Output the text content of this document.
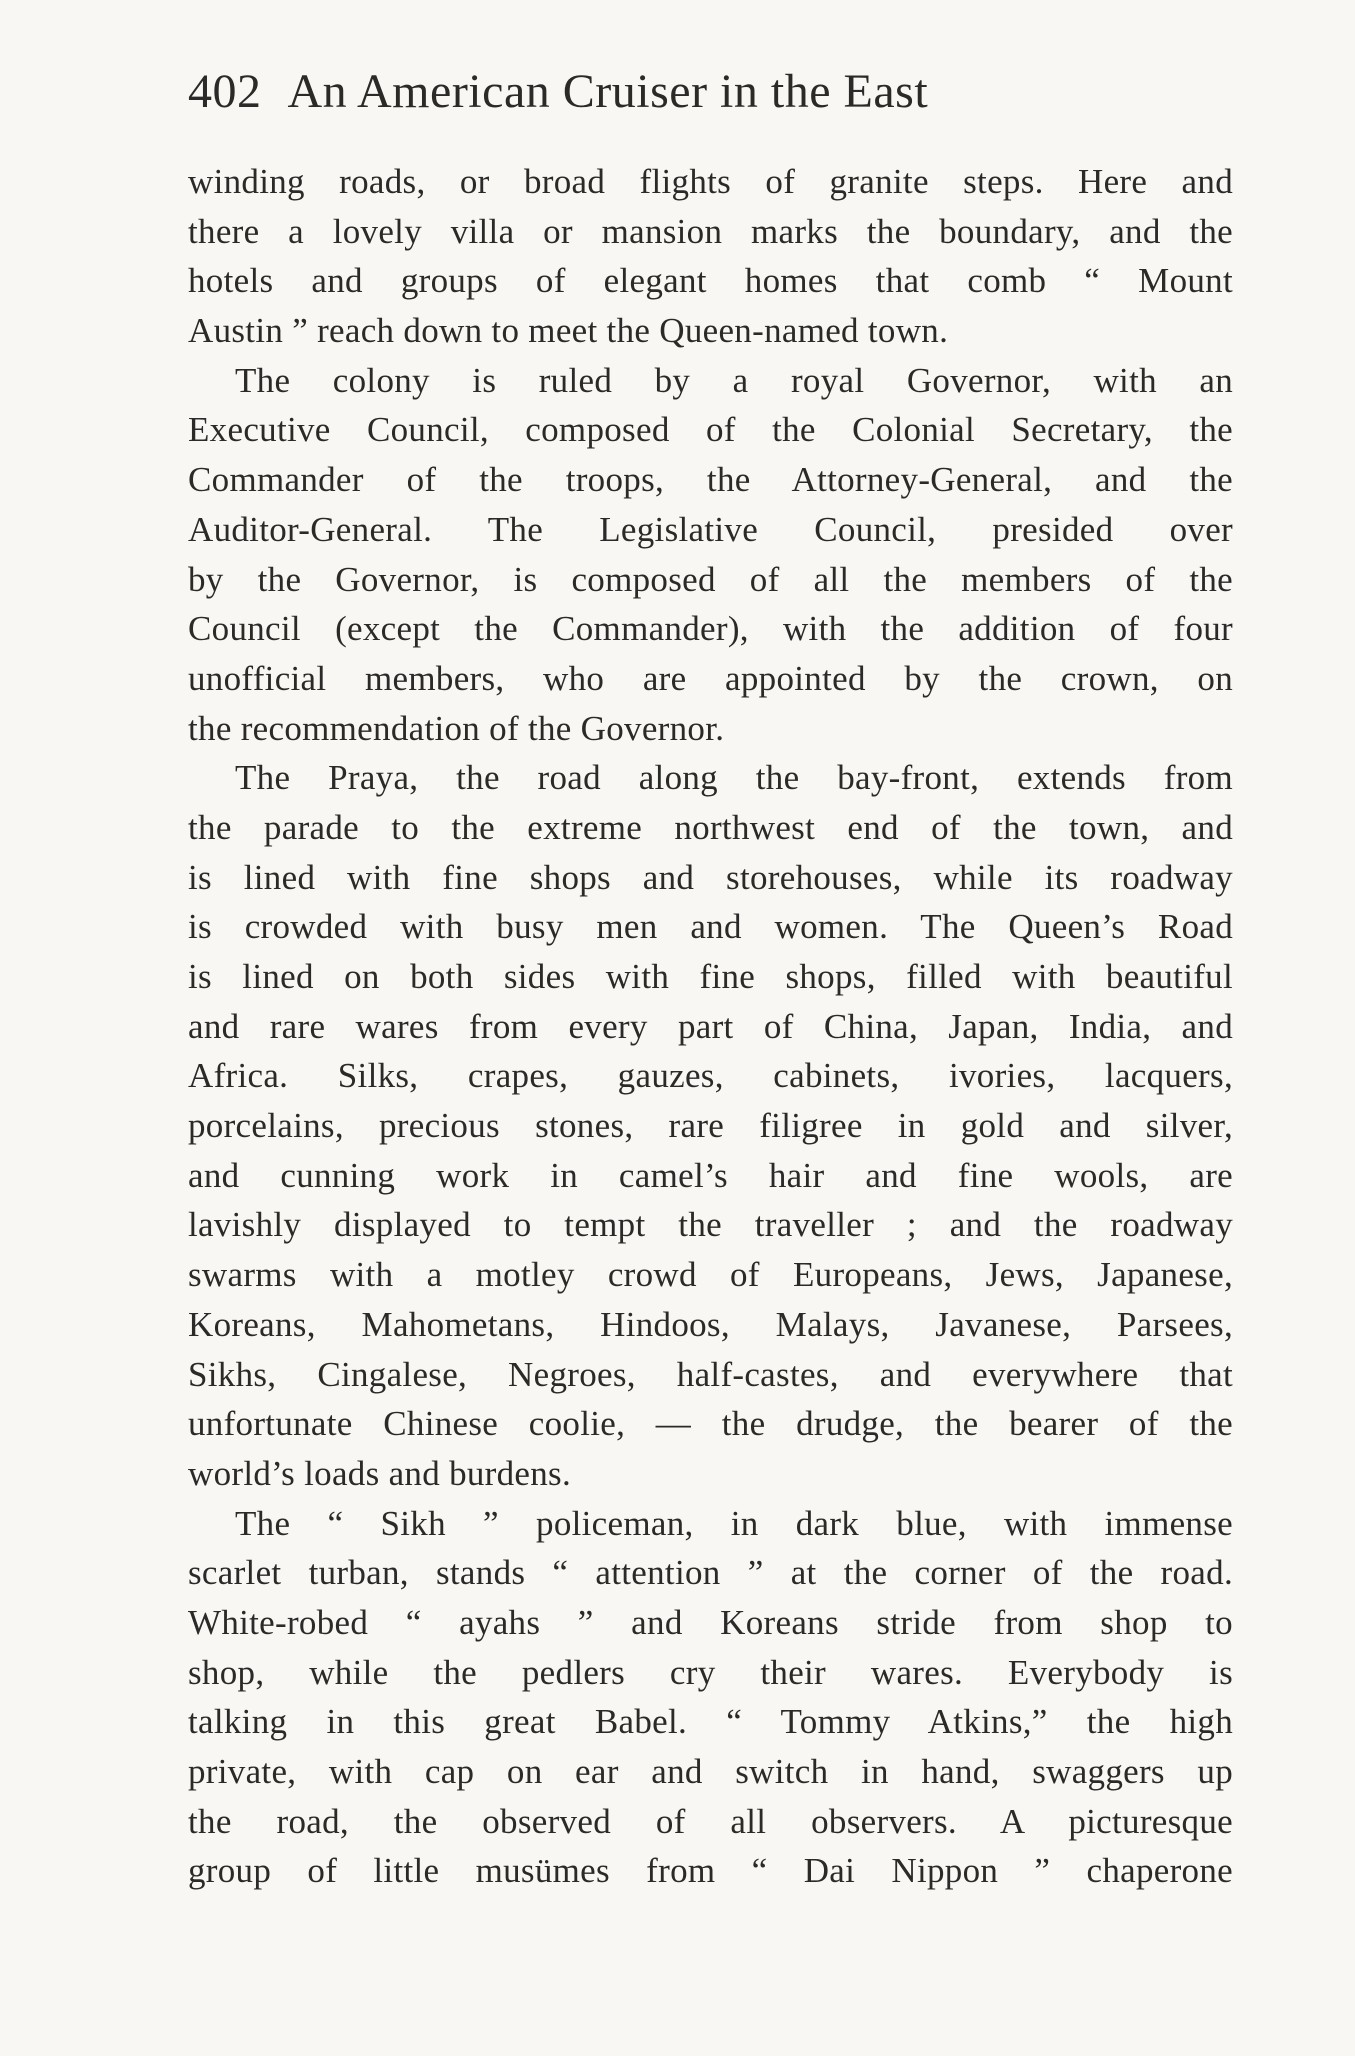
402 An American Cruiser in the East
winding roads, or broad flights of granite steps. Here and
there a lovely villa or mansion marks the boundary, and the
hotels and groups of elegant homes that comb “ Mount
Austin ” reach down to meet the Queen-named town.
The colony is ruled by a royal Governor, with an
Executive Council, composed of the Colonial Secretary, the
Commander of the troops, the Attorney-General, and the
Auditor-General. The Legislative Council, presided over
by the Governor, is composed of all the members of the
Council (except the Commander), with the addition of four
unofficial members, who are appointed by the crown, on
the recommendation of the Governor.
The Praya, the road along the bay-front, extends from
the parade to the extreme northwest end of the town, and
is lined with fine shops and storehouses, while its roadway
is crowded with busy men and women. The Queen’s Road
is lined on both sides with fine shops, filled with beautiful
and rare wares from every part of China, Japan, India, and
Africa. Silks, crapes, gauzes, cabinets, ivories, lacquers,
porcelains, precious stones, rare filigree in gold and silver,
and cunning work in camel’s hair and fine wools, are
lavishly displayed to tempt the traveller ; and the roadway
swarms with a motley crowd of Europeans, Jews, Japanese,
Koreans, Mahometans, Hindoos, Malays, Javanese, Parsees,
Sikhs, Cingalese, Negroes, half-castes, and everywhere that
unfortunate Chinese coolie, — the drudge, the bearer of the
world’s loads and burdens.
The “ Sikh ” policeman, in dark blue, with immense
scarlet turban, stands “ attention ” at the corner of the road.
White-robed “ ayahs ” and Koreans stride from shop to
shop, while the pedlers cry their wares. Everybody is
talking in this great Babel. “ Tommy Atkins,” the high
private, with cap on ear and switch in hand, swaggers up
the road, the observed of all observers. A picturesque
group of little musümes from “ Dai Nippon ” chaperone
